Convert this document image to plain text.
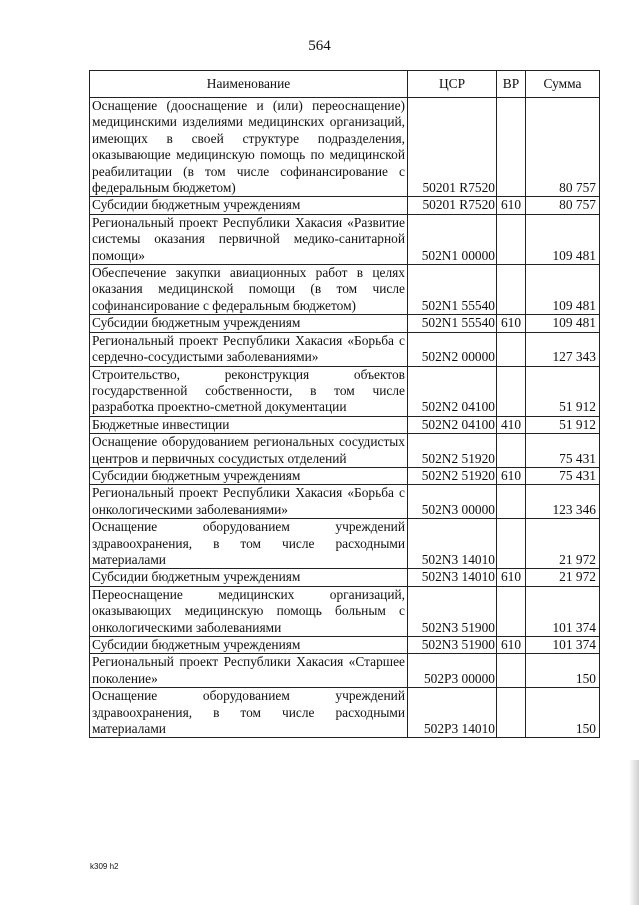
564
Наименование	ЦСР	ВР	Сумма
Оснащение (дооснащение и (или) переоснащение) медицинскими изделиями медицинских организаций, имеющих в своей структуре подразделения, оказывающие медицинскую помощь по медицинской реабилитации (в том числе софинансирование с федеральным бюджетом)	50201 R7520		80 757
Субсидии бюджетным учреждениям	50201 R7520	610	80 757
Региональный проект Республики Хакасия «Развитие системы оказания первичной медико-санитарной помощи»	502N1 00000		109 481
Обеспечение закупки авиационных работ в целях оказания медицинской помощи (в том числе софинансирование с федеральным бюджетом)	502N1 55540		109 481
Субсидии бюджетным учреждениям	502N1 55540	610	109 481
Региональный проект Республики Хакасия «Борьба с сердечно-сосудистыми заболеваниями»	502N2 00000		127 343
Строительство, реконструкция объектов государственной собственности, в том числе разработка проектно-сметной документации	502N2 04100		51 912
Бюджетные инвестиции	502N2 04100	410	51 912
Оснащение оборудованием региональных сосудистых центров и первичных сосудистых отделений	502N2 51920		75 431
Субсидии бюджетным учреждениям	502N2 51920	610	75 431
Региональный проект Республики Хакасия «Борьба с онкологическими заболеваниями»	502N3 00000		123 346
Оснащение оборудованием учреждений здравоохранения, в том числе расходными материалами	502N3 14010		21 972
Субсидии бюджетным учреждениям	502N3 14010	610	21 972
Переоснащение медицинских организаций, оказывающих медицинскую помощь больным с онкологическими заболеваниями	502N3 51900		101 374
Субсидии бюджетным учреждениям	502N3 51900	610	101 374
Региональный проект Республики Хакасия «Старшее поколение»	502P3 00000		150
Оснащение оборудованием учреждений здравоохранения, в том числе расходными материалами	502P3 14010		150
k309 h2
